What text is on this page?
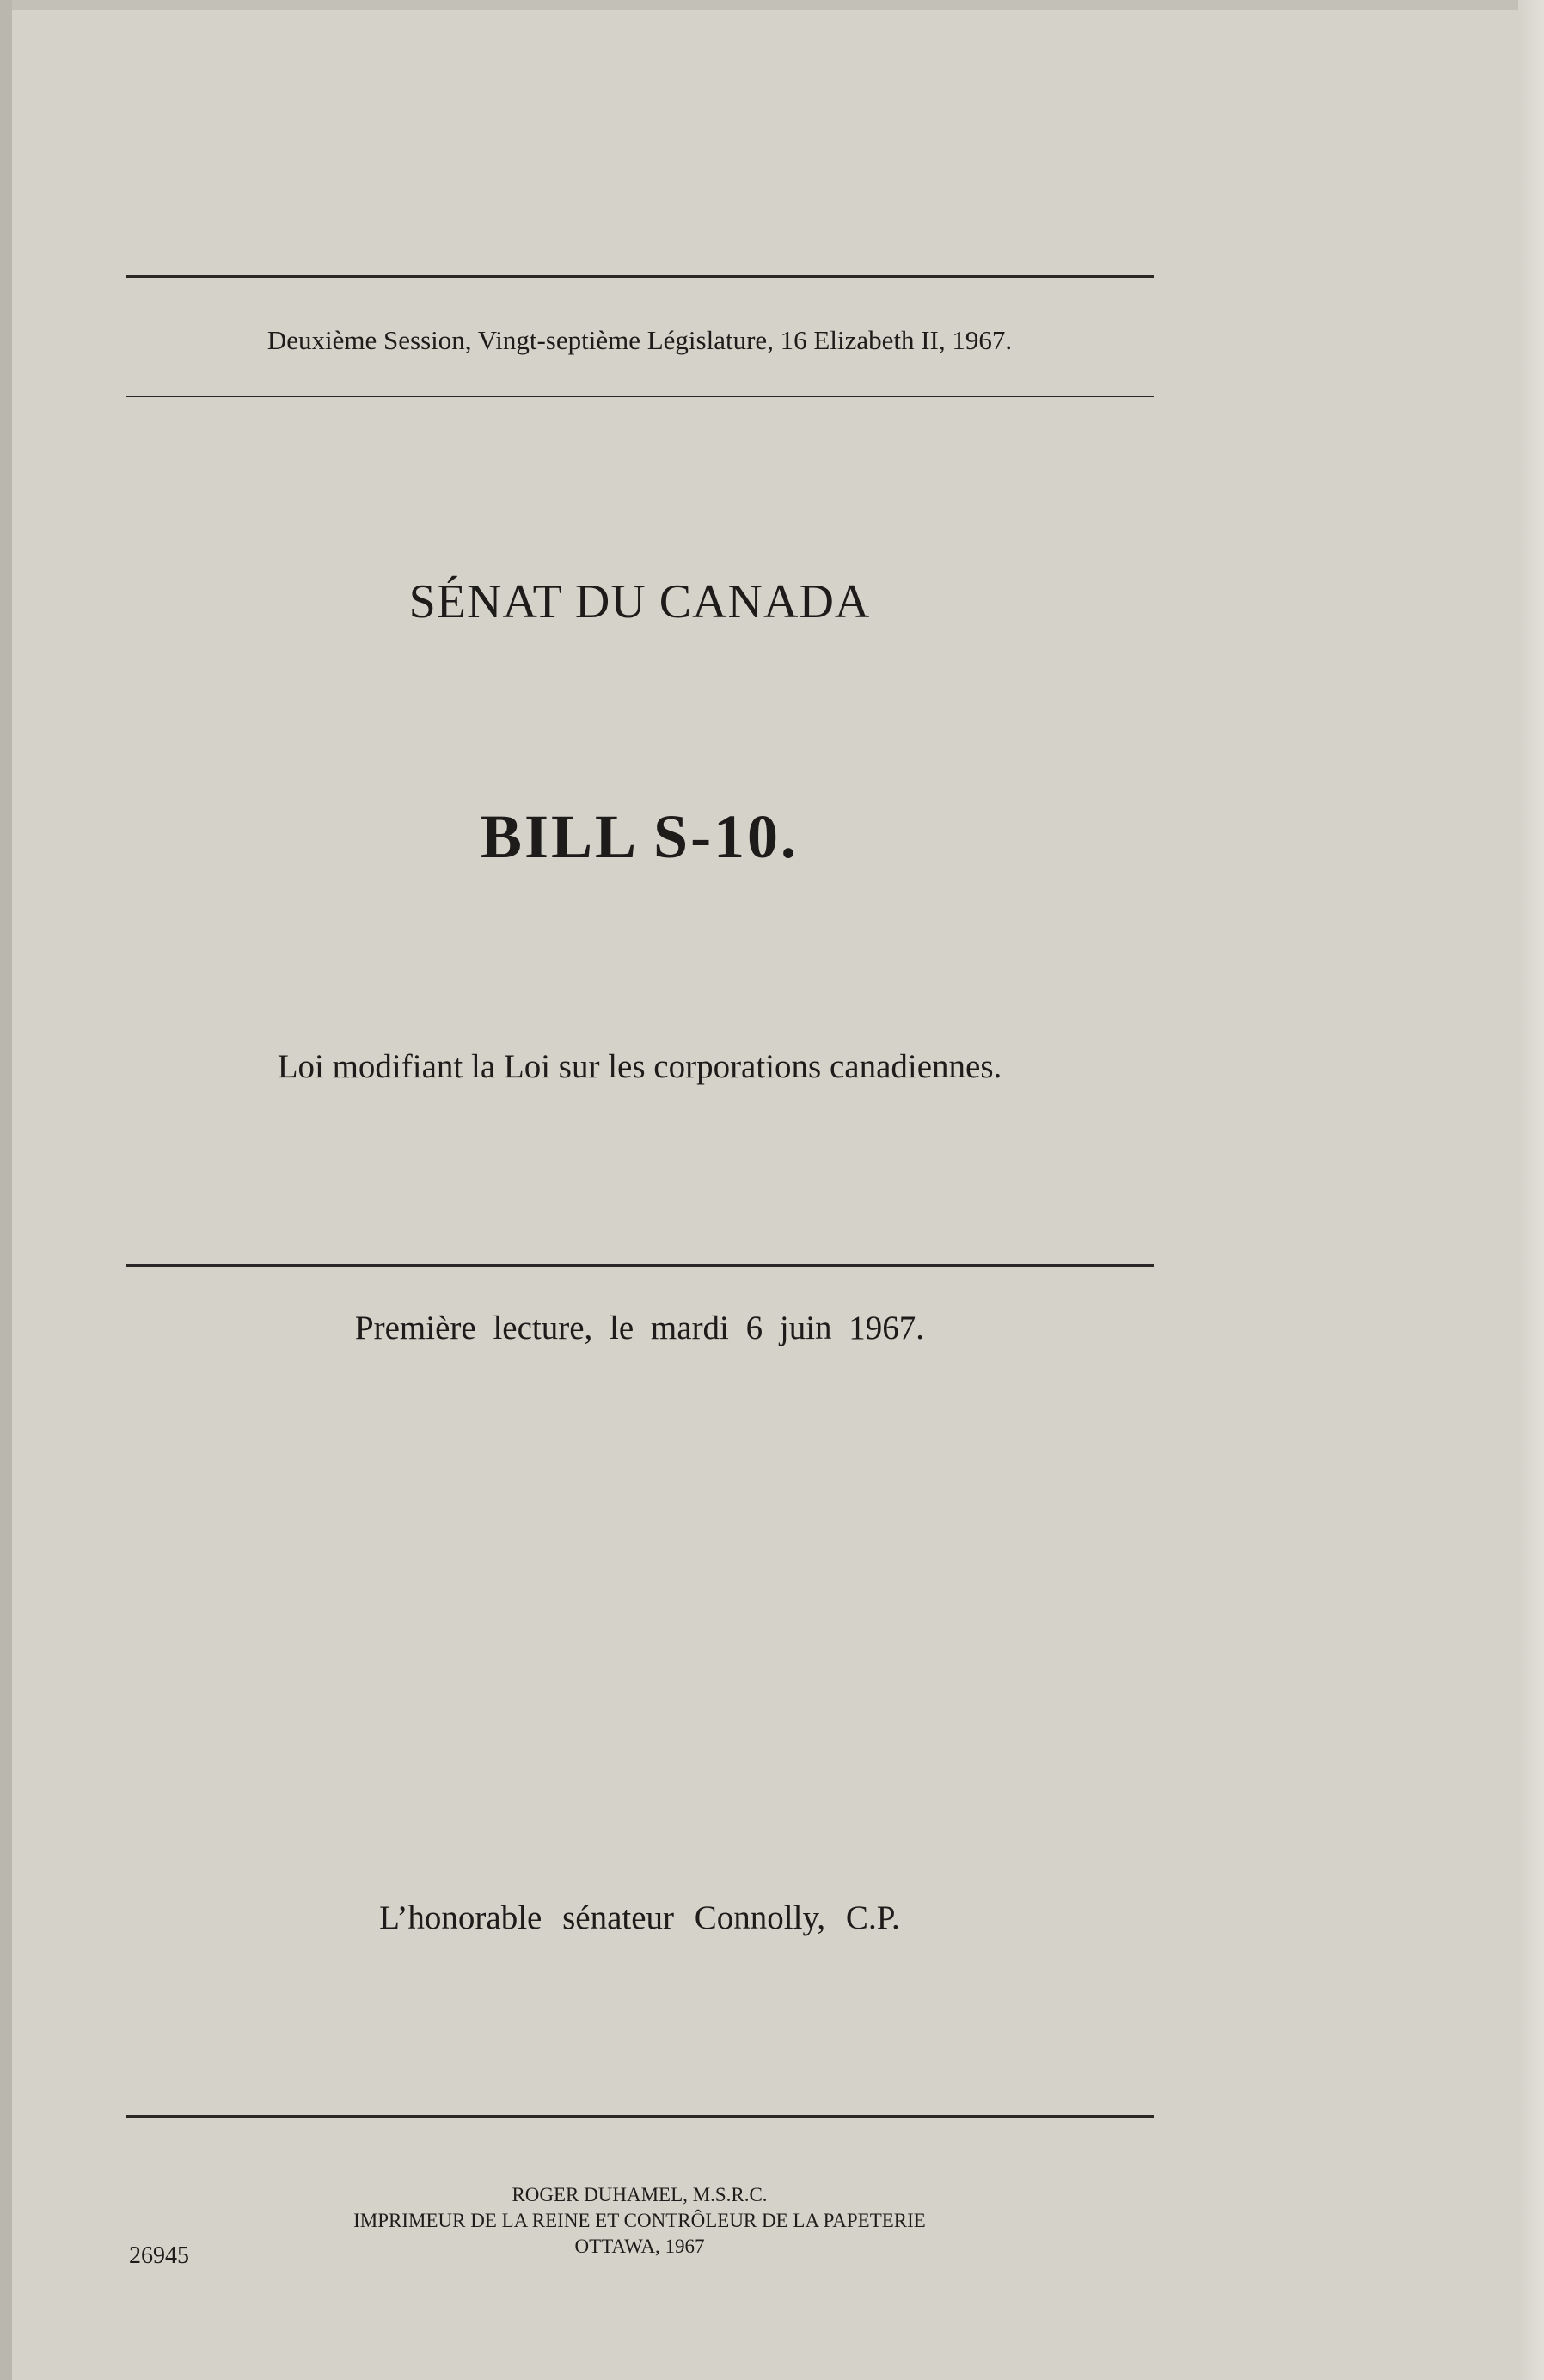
Deuxième Session, Vingt-septième Législature, 16 Elizabeth II, 1967.
SÉNAT DU CANADA
BILL S-10.
Loi modifiant la Loi sur les corporations canadiennes.
Première lecture, le mardi 6 juin 1967.
L’honorable sénateur Connolly, C.P.
ROGER DUHAMEL, M.S.R.C.
IMPRIMEUR DE LA REINE ET CONTRÔLEUR DE LA PAPETERIE
OTTAWA, 1967
26945
